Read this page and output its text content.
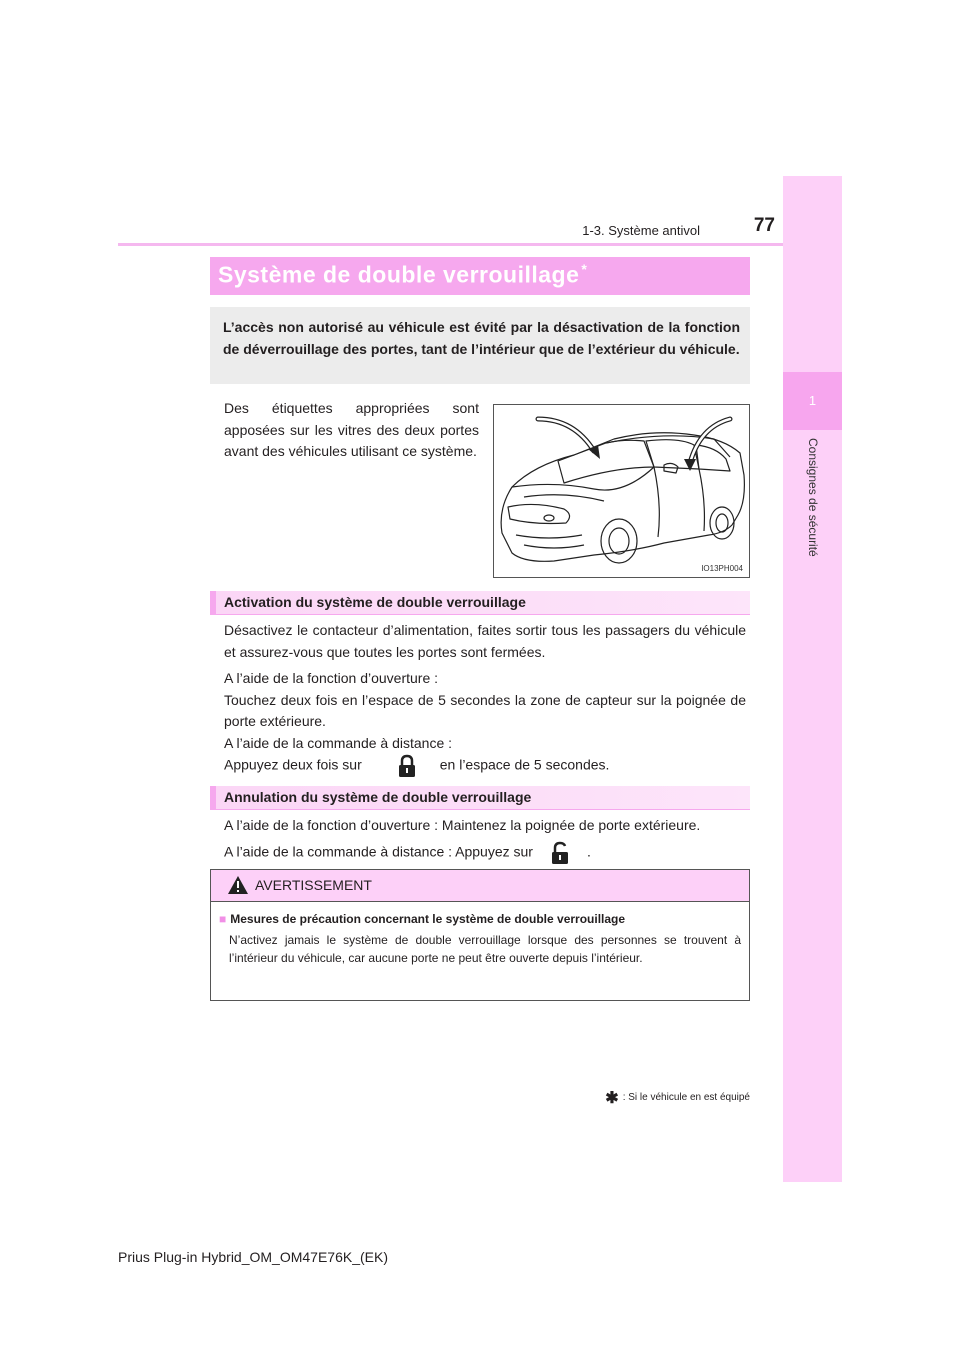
77
1-3. Système antivol
1
Consignes de sécurité
Système de double verrouillage *

L’accès non autorisé au véhicule est évité par la désactivation de la fonction de déverrouillage des portes, tant de l’intérieur que de l’extérieur du véhicule.

Des étiquettes appropriées sont apposées sur les vitres des deux portes avant des véhicules utilisant ce système.
IO13PH004
Activation du système de double verrouillage

Désactivez le contacteur d’alimentation, faites sortir tous les passagers du véhicule et assurez-vous que toutes les portes sont fermées.

A l’aide de la fonction d’ouverture :
Touchez deux fois en l’espace de 5 secondes la zone de capteur sur la poignée de porte extérieure.
A l’aide de la commande à distance :
Appuyez deux fois sur	en l’espace de 5 secondes.
Annulation du système de double verrouillage

A l’aide de la fonction d’ouverture : Maintenez la poignée de porte extérieure.

A l’aide de la commande à distance : Appuyez sur	.
AVERTISSEMENT

■ Mesures de précaution concernant le système de double verrouillage

N’activez jamais le système de double verrouillage lorsque des personnes se trouvent à l’intérieur du véhicule, car aucune porte ne peut être ouverte depuis l’intérieur.

✱ : Si le véhicule en est équipé
Prius Plug-in Hybrid_OM_OM47E76K_(EK)
